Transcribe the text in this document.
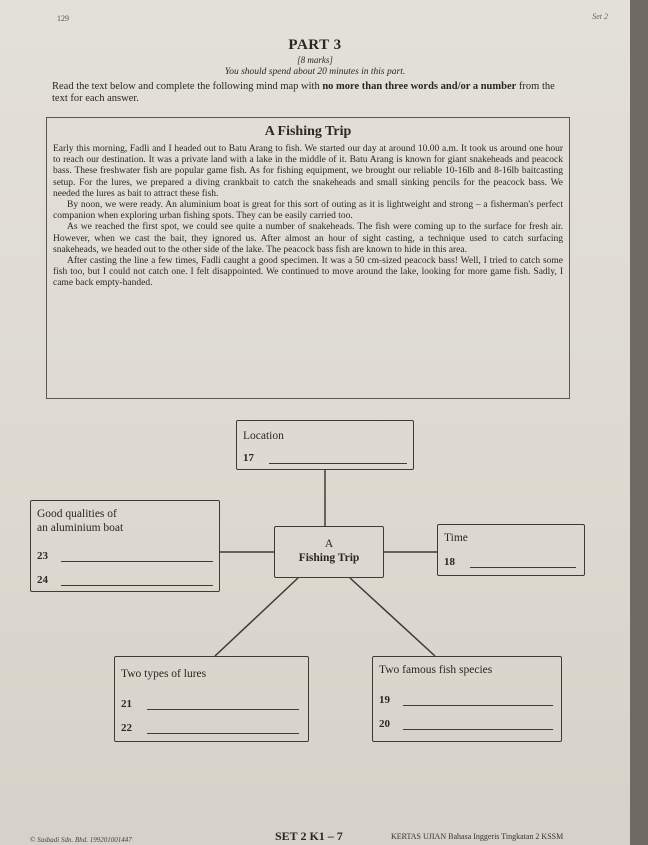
129	Set 2
PART 3
[8 marks]
You should spend about 20 minutes in this part.
Read the text below and complete the following mind map with no more than three words and/or a number from the text for each answer.
A Fishing Trip

Early this morning, Fadli and I headed out to Batu Arang to fish. We started our day at around 10.00 a.m. It took us around one hour to reach our destination. It was a private land with a lake in the middle of it. Batu Arang is known for giant snakeheads and peacock bass. These freshwater fish are popular game fish. As for fishing equipment, we brought our reliable 10-16lb and 8-16lb baitcasting setup. For the lures, we prepared a diving crankbait to catch the snakeheads and small sinking pencils for the peacock bass. We needed the lures as bait to attract these fish.

By noon, we were ready. An aluminium boat is great for this sort of outing as it is lightweight and strong – a fisherman's perfect companion when exploring urban fishing spots. They can be easily carried too.

As we reached the first spot, we could see quite a number of snakeheads. The fish were coming up to the surface for fresh air. However, when we cast the bait, they ignored us. After almost an hour of sight casting, a technique used to catch surfacing snakeheads, we headed out to the other side of the lake. The peacock bass fish are known to hide in this area.

After casting the line a few times, Fadli caught a good specimen. It was a 50 cm-sized peacock bass! Well, I tried to catch some fish too, but I could not catch one. I felt disappointed. We continued to move around the lake, looking for more game fish. Sadly, I came back empty-handed.

Location
17
A
Fishing Trip
Good qualities of
an aluminium boat
23
24
Time
18
Two types of lures
21
22
Two famous fish species
19
20
© Sasbadi Sdn. Bhd. 199201001447	SET 2 K1 – 7	KERTAS UJIAN Bahasa Inggeris Tingkatan 2 KSSM
